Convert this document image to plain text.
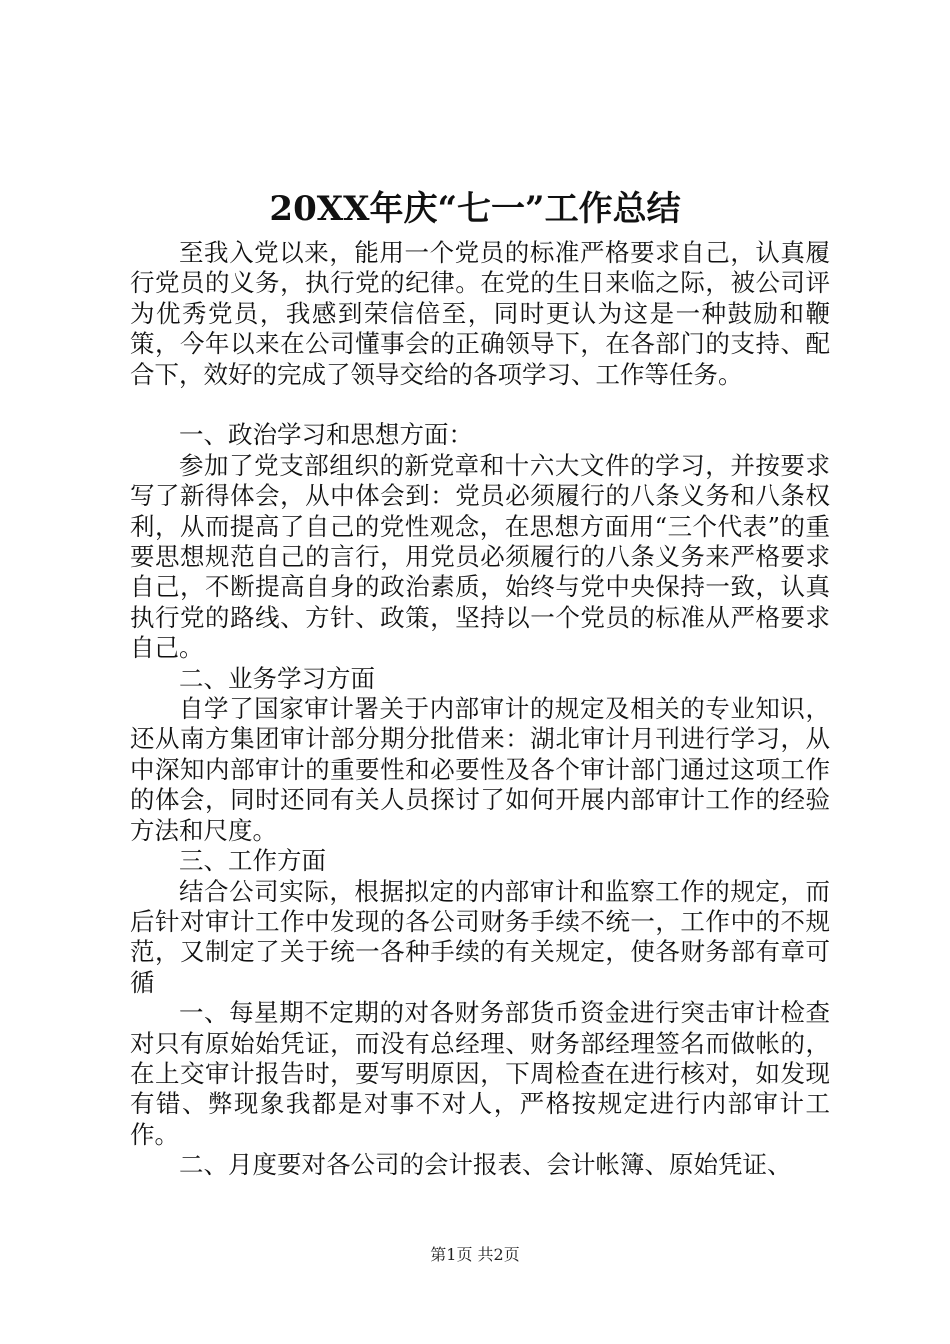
20XX年庆“七一”工作总结

至我入党以来，能用一个党员的标准严格要求自己，认真履行党员的义务，执行党的纪律。在党的生日来临之际，被公司评为优秀党员，我感到荣信倍至，同时更认为这是一种鼓励和鞭策，今年以来在公司懂事会的正确领导下，在各部门的支持、配合下，效好的完成了领导交给的各项学习、工作等任务。

一、政治学习和思想方面：

参加了党支部组织的新党章和十六大文件的学习，并按要求写了新得体会，从中体会到：党员必须履行的八条义务和八条权利，从而提高了自己的党性观念，在思想方面用“三个代表”的重要思想规范自己的言行，用党员必须履行的八条义务来严格要求自己，不断提高自身的政治素质，始终与党中央保持一致，认真执行党的路线、方针、政策，坚持以一个党员的标准从严格要求自己。

二、业务学习方面

自学了国家审计署关于内部审计的规定及相关的专业知识，还从南方集团审计部分期分批借来：湖北审计月刊进行学习，从中深知内部审计的重要性和必要性及各个审计部门通过这项工作的体会，同时还同有关人员探讨了如何开展内部审计工作的经验方法和尺度。

三、工作方面

结合公司实际，根据拟定的内部审计和监察工作的规定，而后针对审计工作中发现的各公司财务手续不统一，工作中的不规范，又制定了关于统一各种手续的有关规定，使各财务部有章可循

一、每星期不定期的对各财务部货币资金进行突击审计检查对只有原始始凭证，而没有总经理、财务部经理签名而做帐的，在上交审计报告时，要写明原因，下周检查在进行核对，如发现有错、弊现象我都是对事不对人，严格按规定进行内部审计工作。

二、月度要对各公司的会计报表、会计帐簿、原始凭证、

第1页 共2页
